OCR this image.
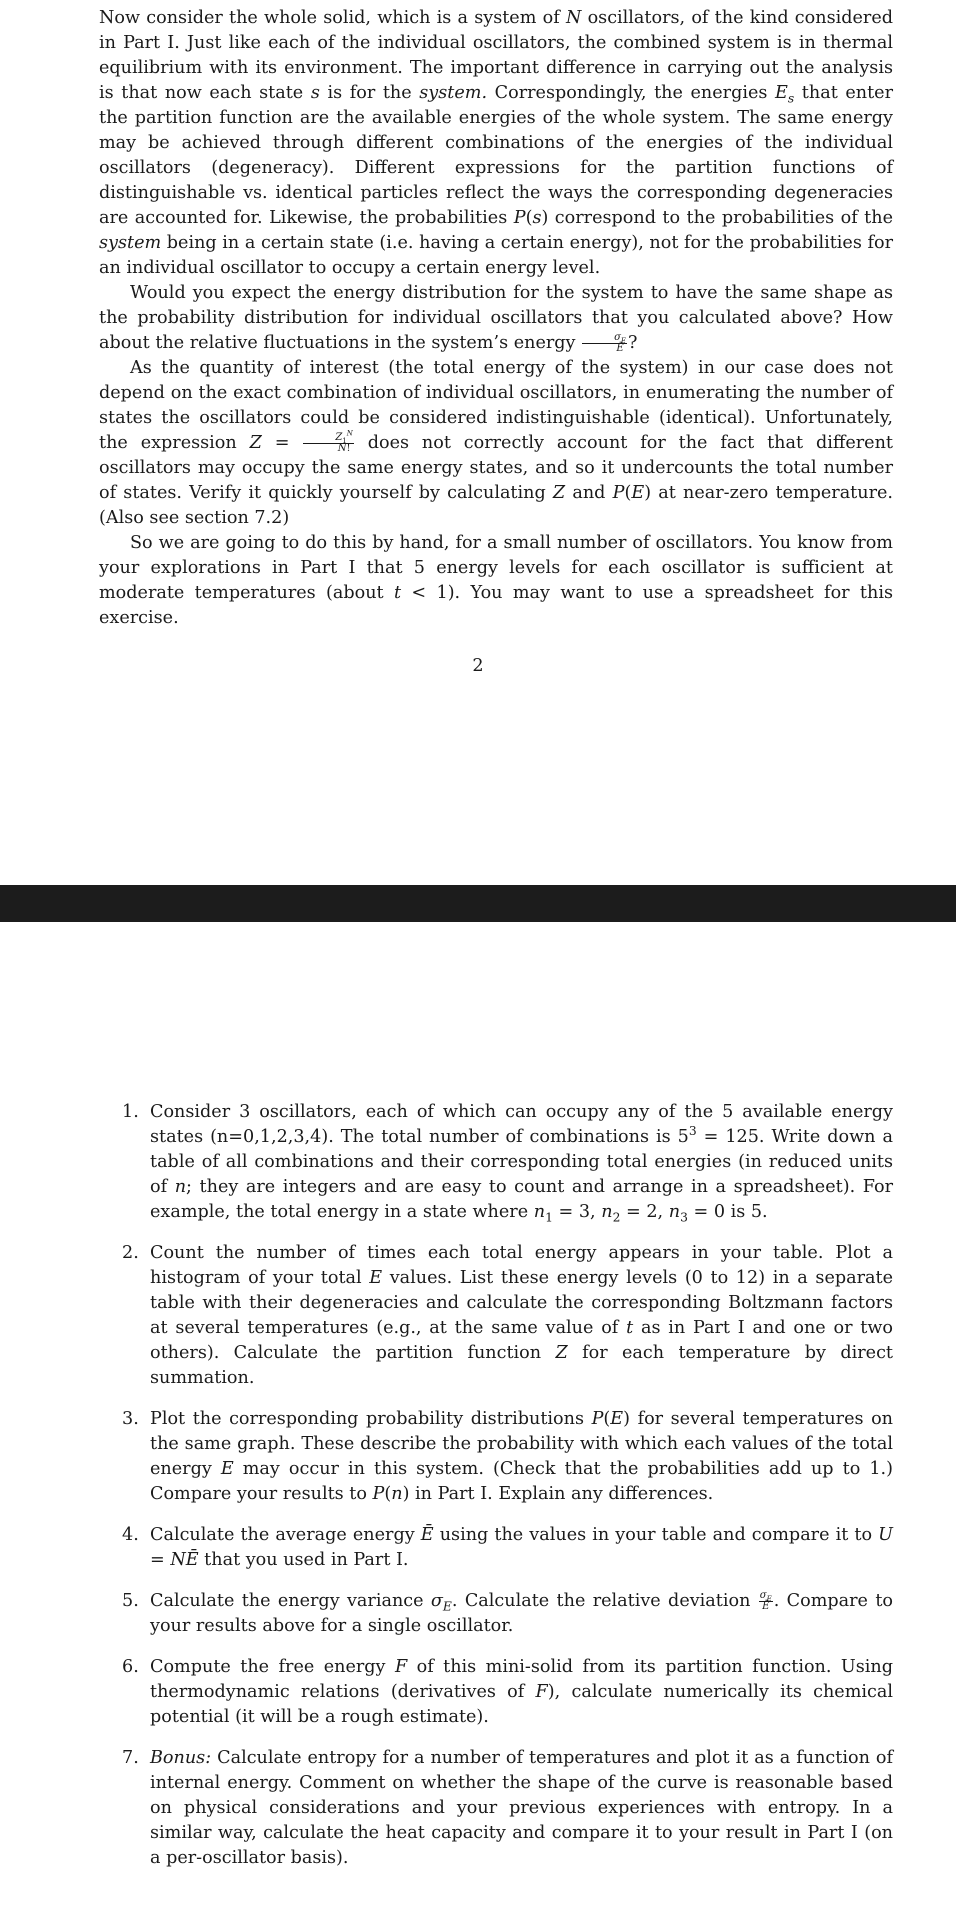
Now consider the whole solid, which is a system of N oscillators, of the kind considered in Part I. Just like each of the individual oscillators, the combined system is in thermal equilibrium with its environment. The important difference in carrying out the analysis is that now each state s is for the system. Correspondingly, the energies $E_s$ that enter the partition function are the available energies of the whole system. The same energy may be achieved through different combinations of the energies of the individual oscillators (degeneracy). Different expressions for the partition functions of distinguishable vs. identical particles reflect the ways the corresponding degeneracies are accounted for. Likewise, the probabilities P(s) correspond to the probabilities of the system being in a certain state (i.e. having a certain energy), not for the probabilities for an individual oscillator to occupy a certain energy level.

Would you expect the energy distribution for the system to have the same shape as the probability distribution for individual oscillators that you calculated above? How about the relative fluctuations in the system’s energy $\frac{\sigma_E}{Ē}$ ?

As the quantity of interest (the total energy of the system) in our case does not depend on the exact combination of individual oscillators, in enumerating the number of states the oscillators could be considered indistinguishable (identical). Unfortunately, the expression $Z = \frac{Z_1^N}{N!}$ does not correctly account for the fact that different oscillators may occupy the same energy states, and so it undercounts the total number of states. Verify it quickly yourself by calculating Z and P(E) at near-zero temperature. (Also see section 7.2)

So we are going to do this by hand, for a small number of oscillators. You know from your explorations in Part I that 5 energy levels for each oscillator is sufficient at moderate temperatures (about t < 1). You may want to use a spreadsheet for this exercise.

2
1. Consider 3 oscillators, each of which can occupy any of the 5 available energy states (n=0,1,2,3,4). The total number of combinations is $5^3 = 125$. Write down a table of all combinations and their corresponding total energies (in reduced units of n; they are integers and are easy to count and arrange in a spreadsheet). For example, the total energy in a state where $n_1 = 3$, $n_2 = 2$, $n_3 = 0$ is 5.
2. Count the number of times each total energy appears in your table. Plot a histogram of your total E values. List these energy levels (0 to 12) in a separate table with their degeneracies and calculate the corresponding Boltzmann factors at several temperatures (e.g., at the same value of t as in Part I and one or two others). Calculate the partition function Z for each temperature by direct summation.
3. Plot the corresponding probability distributions P(E) for several temperatures on the same graph. These describe the probability with which each values of the total energy E may occur in this system. (Check that the probabilities add up to 1.) Compare your results to P(n) in Part I. Explain any differences.
4. Calculate the average energy Ē using the values in your table and compare it to U = NĒ that you used in Part I.
5. Calculate the energy variance $\sigma_E$. Calculate the relative deviation $\frac{\sigma_E}{Ē}$ . Compare to your results above for a single oscillator.
6. Compute the free energy F of this mini-solid from its partition function. Using thermodynamic relations (derivatives of F), calculate numerically its chemical potential (it will be a rough estimate).
7. Bonus: Calculate entropy for a number of temperatures and plot it as a function of internal energy. Comment on whether the shape of the curve is reasonable based on physical considerations and your previous experiences with entropy. In a similar way, calculate the heat capacity and compare it to your result in Part I (on a per-oscillator basis).
